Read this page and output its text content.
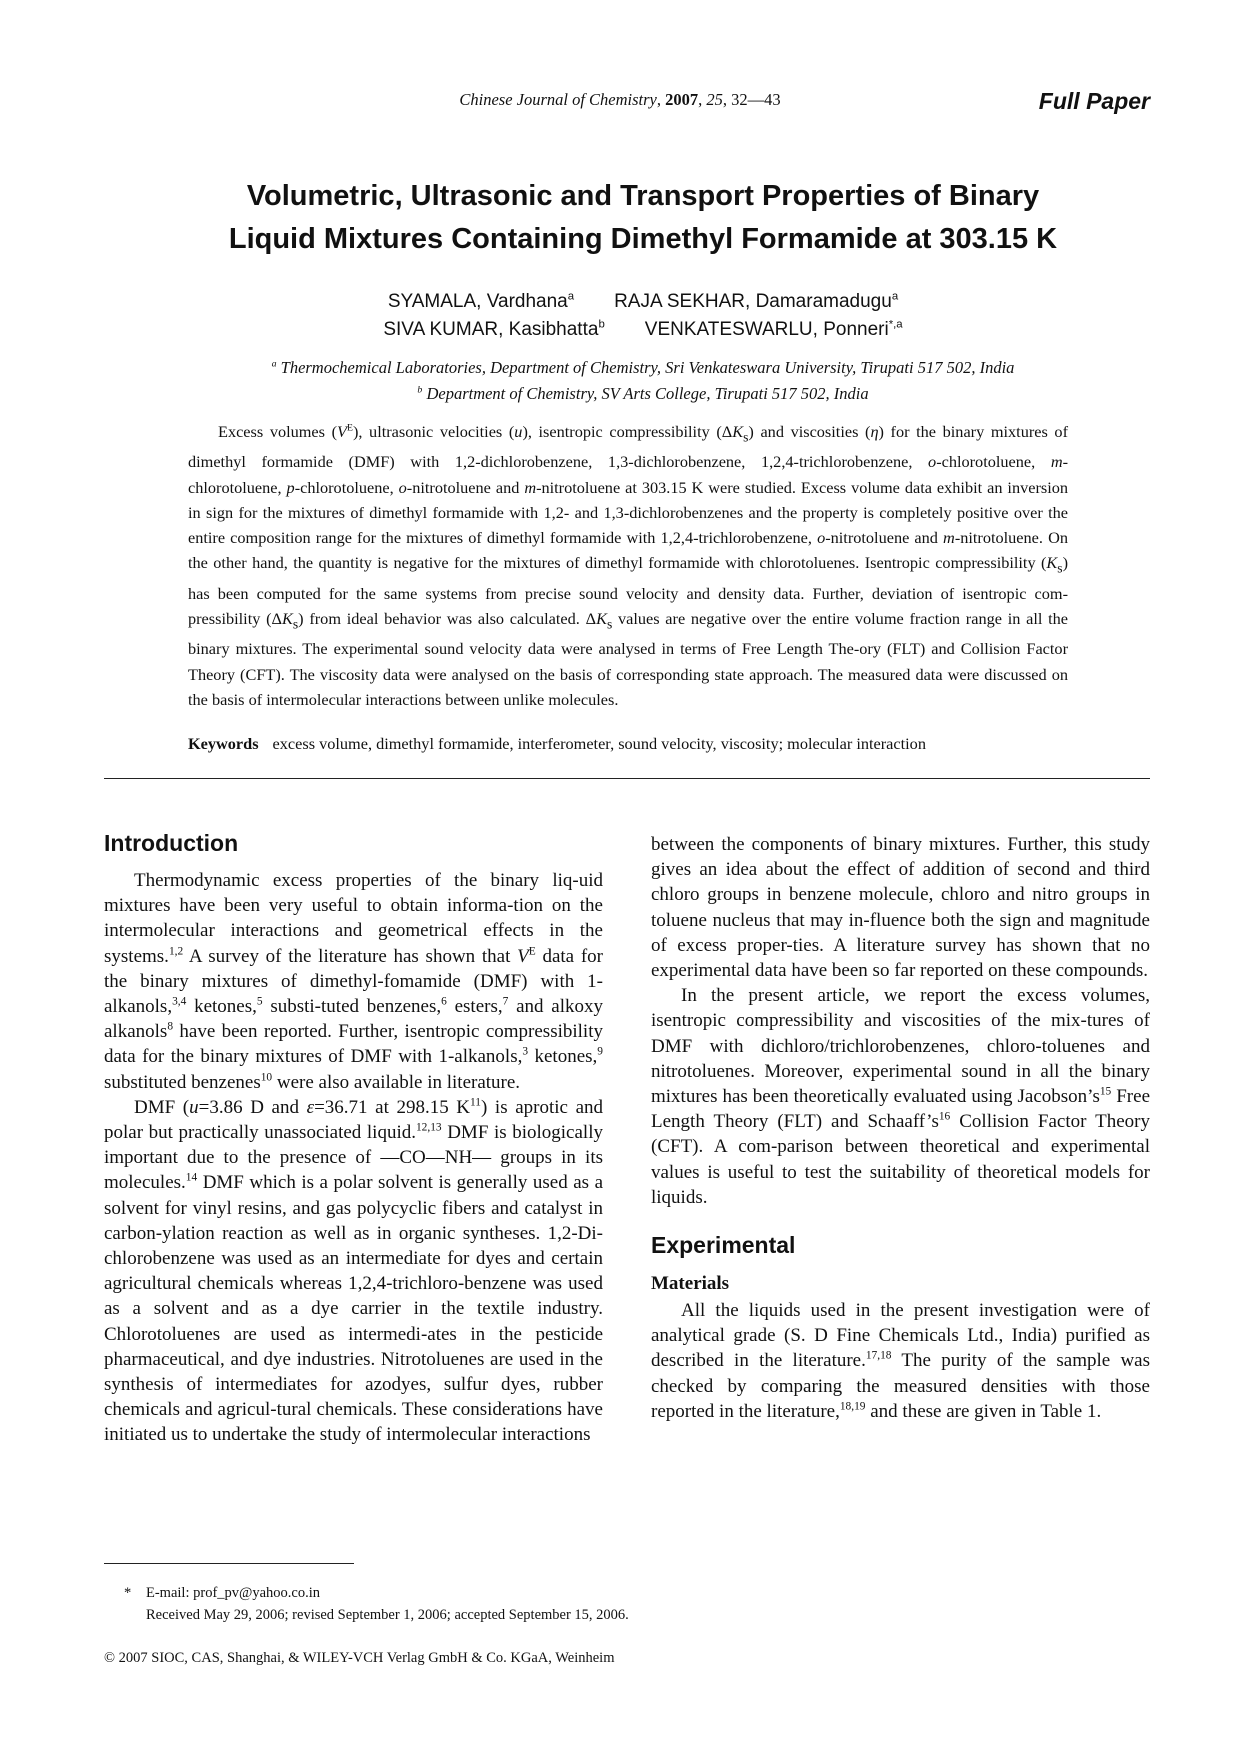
Chinese Journal of Chemistry, 2007, 25, 32—43	Full Paper
Volumetric, Ultrasonic and Transport Properties of Binary
Liquid Mixtures Containing Dimethyl Formamide at 303.15 K
SYAMALA, Vardhana$^a$ RAJA SEKHAR, Damaramadugu$^a$
SIVA KUMAR, Kasibhatta$^b$ VENKATESWARLU, Ponneri$^{*,a}$
$^a$ Thermochemical Laboratories, Department of Chemistry, Sri Venkateswara University, Tirupati 517 502, India
$^b$ Department of Chemistry, SV Arts College, Tirupati 517 502, India

Excess volumes $(V^E)$, ultrasonic velocities (u), isentropic compressibility $(\Delta K_s)$ and viscosities (η) for the binary mixtures of dimethyl formamide (DMF) with 1,2-dichlorobenzene, 1,3-dichlorobenzene, 1,2,4-trichlorobenzene, o-chlorotoluene, m-chlorotoluene, p-chlorotoluene, o-nitrotoluene and m-nitrotoluene at 303.15 K were studied. Excess volume data exhibit an inversion in sign for the mixtures of dimethyl formamide with 1,2- and 1,3-dichlorobenzenes and the property is completely positive over the entire composition range for the mixtures of dimethyl formamide with 1,2,4-trichlorobenzene, o-nitrotoluene and m-nitrotoluene. On the other hand, the quantity is negative for the mixtures of dimethyl formamide with chlorotoluenes. Isentropic compressibility $(K_s)$ has been computed for the same systems from precise sound velocity and density data. Further, deviation of isentropic com-pressibility $(\Delta K_s)$ from ideal behavior was also calculated. $\Delta K_s$ values are negative over the entire volume fraction range in all the binary mixtures. The experimental sound velocity data were analysed in terms of Free Length The-ory (FLT) and Collision Factor Theory (CFT). The viscosity data were analysed on the basis of corresponding state approach. The measured data were discussed on the basis of intermolecular interactions between unlike molecules.

Keywords excess volume, dimethyl formamide, interferometer, sound velocity, viscosity; molecular interaction
Introduction

Thermodynamic excess properties of the binary liq-uid mixtures have been very useful to obtain informa-tion on the intermolecular interactions and geometrical effects in the systems.$^{1,2}$ A survey of the literature has shown that $V^E$ data for the binary mixtures of dimethyl-fomamide (DMF) with 1-alkanols,$^{3,4}$ ketones,$^5$ substi-tuted benzenes,$^6$ esters,$^7$ and alkoxy alkanols$^8$ have been reported. Further, isentropic compressibility data for the binary mixtures of DMF with 1-alkanols,$^3$ ketones,$^9$ substituted benzenes$^{10}$ were also available in literature.

DMF (u=3.86 D and ε=36.71 at 298.15 $K^{11}$) is aprotic and polar but practically unassociated liquid.$^{12,13}$ DMF is biologically important due to the presence of —CO—NH— groups in its molecules.$^{14}$ DMF which is a polar solvent is generally used as a solvent for vinyl resins, and gas polycyclic fibers and catalyst in carbon-ylation reaction as well as in organic syntheses. 1,2-Di-chlorobenzene was used as an intermediate for dyes and certain agricultural chemicals whereas 1,2,4-trichloro-benzene was used as a solvent and as a dye carrier in the textile industry. Chlorotoluenes are used as intermedi-ates in the pesticide pharmaceutical, and dye industries. Nitrotoluenes are used in the synthesis of intermediates for azodyes, sulfur dyes, rubber chemicals and agricul-tural chemicals. These considerations have initiated us to undertake the study of intermolecular interactions

between the components of binary mixtures. Further, this study gives an idea about the effect of addition of second and third chloro groups in benzene molecule, chloro and nitro groups in toluene nucleus that may in-fluence both the sign and magnitude of excess proper-ties. A literature survey has shown that no experimental data have been so far reported on these compounds.

In the present article, we report the excess volumes, isentropic compressibility and viscosities of the mix-tures of DMF with dichloro/trichlorobenzenes, chloro-toluenes and nitrotoluenes. Moreover, experimental sound in all the binary mixtures has been theoretically evaluated using $Jacobson’s^{15}$ Free Length Theory (FLT) and $Schaaff’s^{16}$ Collision Factor Theory (CFT). A com-parison between theoretical and experimental values is useful to test the suitability of theoretical models for liquids.

Experimental
Materials

All the liquids used in the present investigation were of analytical grade (S. D Fine Chemicals Ltd., India) purified as described in the literature.$^{17,18}$ The purity of the sample was checked by comparing the measured densities with those reported in the literature,$^{18,19}$ and these are given in Table 1.

* E-mail: prof_pv@yahoo.co.in
Received May 29, 2006; revised September 1, 2006; accepted September 15, 2006.
© 2007 SIOC, CAS, Shanghai, & WILEY-VCH Verlag GmbH & Co. KGaA, Weinheim
